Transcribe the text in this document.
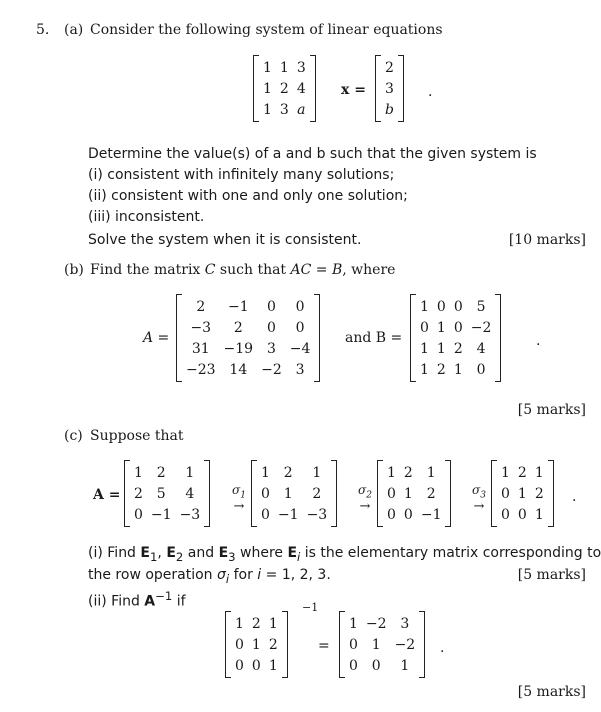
5. (a) Consider the following system of linear equations
1	1	3
1	2	4
1	3	a
x =
2
3
b
.
Determine the value(s) of a and b such that the given system is
(i) consistent with infinitely many solutions;
(ii) consistent with one and only one solution;
(iii) inconsistent.
Solve the system when it is consistent.	[10 marks]
(b) Find the matrix C such that AC = B, where
A =
2	−1	0	0
−3	2	0	0
31	−19	3	−4
−23	14	−2	3
and B =
1	0	0	5
0	1	0	−2
1	1	2	4
1	2	1	0
.
[5 marks]
(c) Suppose that
A =
1	2	1
2	5	4
0	−1	−3
$\sigma_1$
→
1	2	1
0	1	2
0	−1	−3
$\sigma_2$
→
1	2	1
0	1	2
0	0	−1
$\sigma_3$
→
1	2	1
0	1	2
0	0	1
.
(i) Find $E_1$, $E_2$ and $E_3$ where $E_i$ is the elementary matrix corresponding to
the row operation $\sigma_i$ for i = 1, 2, 3.	[5 marks]
(ii) Find $A^{-1}$ if
1	2	1
0	1	2
0	0	1
−1
=
1	−2	3
0	1	−2
0	0	1
.
[5 marks]
